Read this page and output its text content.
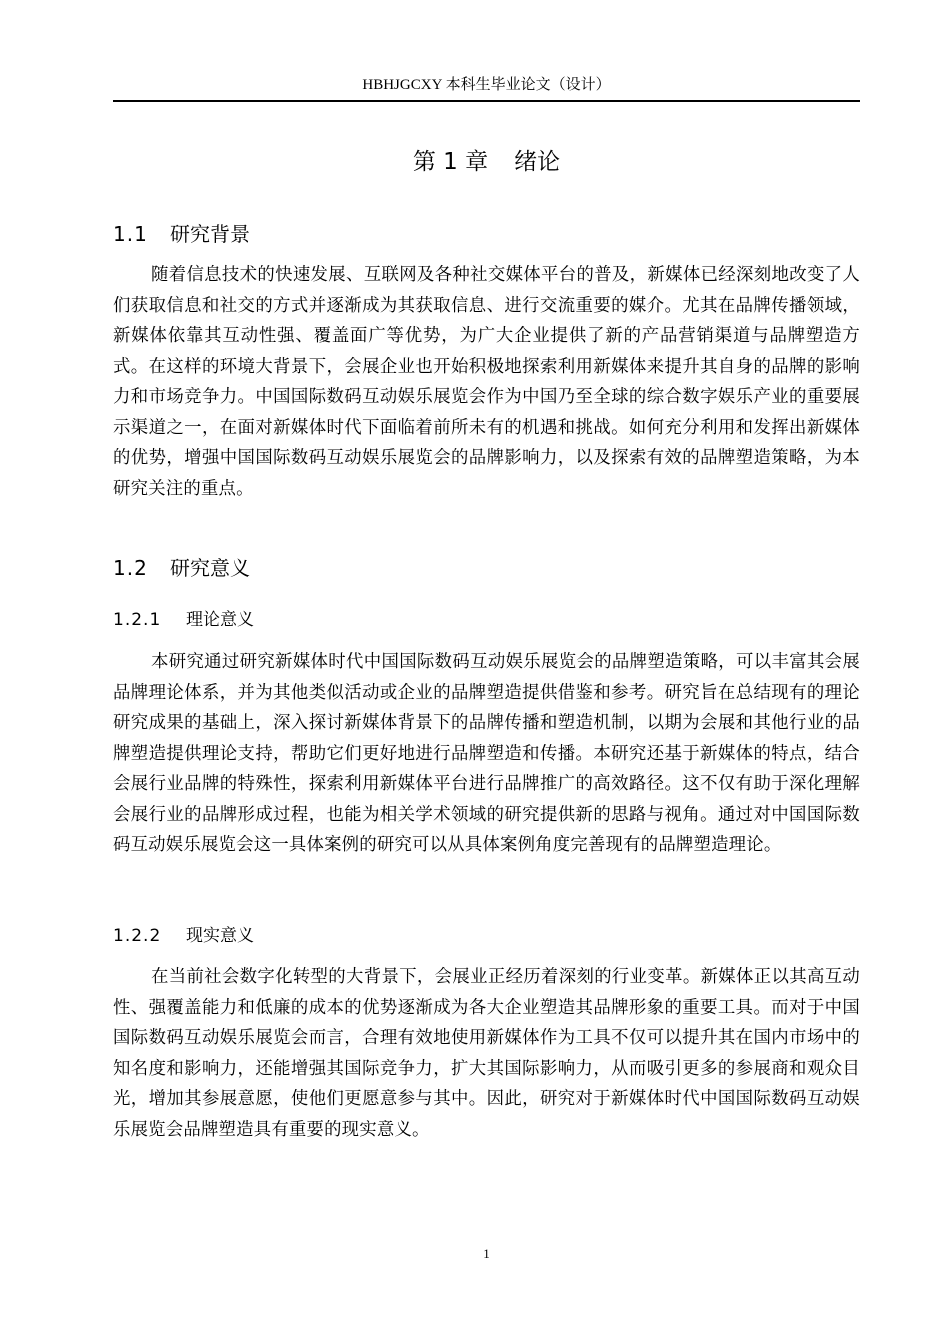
HBHJGCXY 本科生毕业论文（设计）
第 1 章 绪论
1.1 研究背景

随着信息技术的快速发展、互联网及各种社交媒体平台的普及，新媒体已经深刻地改变了人们获取信息和社交的方式并逐渐成为其获取信息、进行交流重要的媒介。尤其在品牌传播领域，新媒体依靠其互动性强、覆盖面广等优势，为广大企业提供了新的产品营销渠道与品牌塑造方式。在这样的环境大背景下，会展企业也开始积极地探索利用新媒体来提升其自身的品牌的影响力和市场竞争力。中国国际数码互动娱乐展览会作为中国乃至全球的综合数字娱乐产业的重要展示渠道之一，在面对新媒体时代下面临着前所未有的机遇和挑战。如何充分利用和发挥出新媒体的优势，增强中国国际数码互动娱乐展览会的品牌影响力，以及探索有效的品牌塑造策略，为本研究关注的重点。

1.2 研究意义
1.2.1 理论意义

本研究通过研究新媒体时代中国国际数码互动娱乐展览会的品牌塑造策略，可以丰富其会展品牌理论体系，并为其他类似活动或企业的品牌塑造提供借鉴和参考。研究旨在总结现有的理论研究成果的基础上，深入探讨新媒体背景下的品牌传播和塑造机制，以期为会展和其他行业的品牌塑造提供理论支持，帮助它们更好地进行品牌塑造和传播。本研究还基于新媒体的特点，结合会展行业品牌的特殊性，探索利用新媒体平台进行品牌推广的高效路径。这不仅有助于深化理解会展行业的品牌形成过程，也能为相关学术领域的研究提供新的思路与视角。通过对中国国际数码互动娱乐展览会这一具体案例的研究可以从具体案例角度完善现有的品牌塑造理论。

1.2.2 现实意义

在当前社会数字化转型的大背景下，会展业正经历着深刻的行业变革。新媒体正以其高互动性、强覆盖能力和低廉的成本的优势逐渐成为各大企业塑造其品牌形象的重要工具。而对于中国国际数码互动娱乐展览会而言，合理有效地使用新媒体作为工具不仅可以提升其在国内市场中的知名度和影响力，还能增强其国际竞争力，扩大其国际影响力，从而吸引更多的参展商和观众目光，增加其参展意愿，使他们更愿意参与其中。因此，研究对于新媒体时代中国国际数码互动娱乐展览会品牌塑造具有重要的现实意义。

1
